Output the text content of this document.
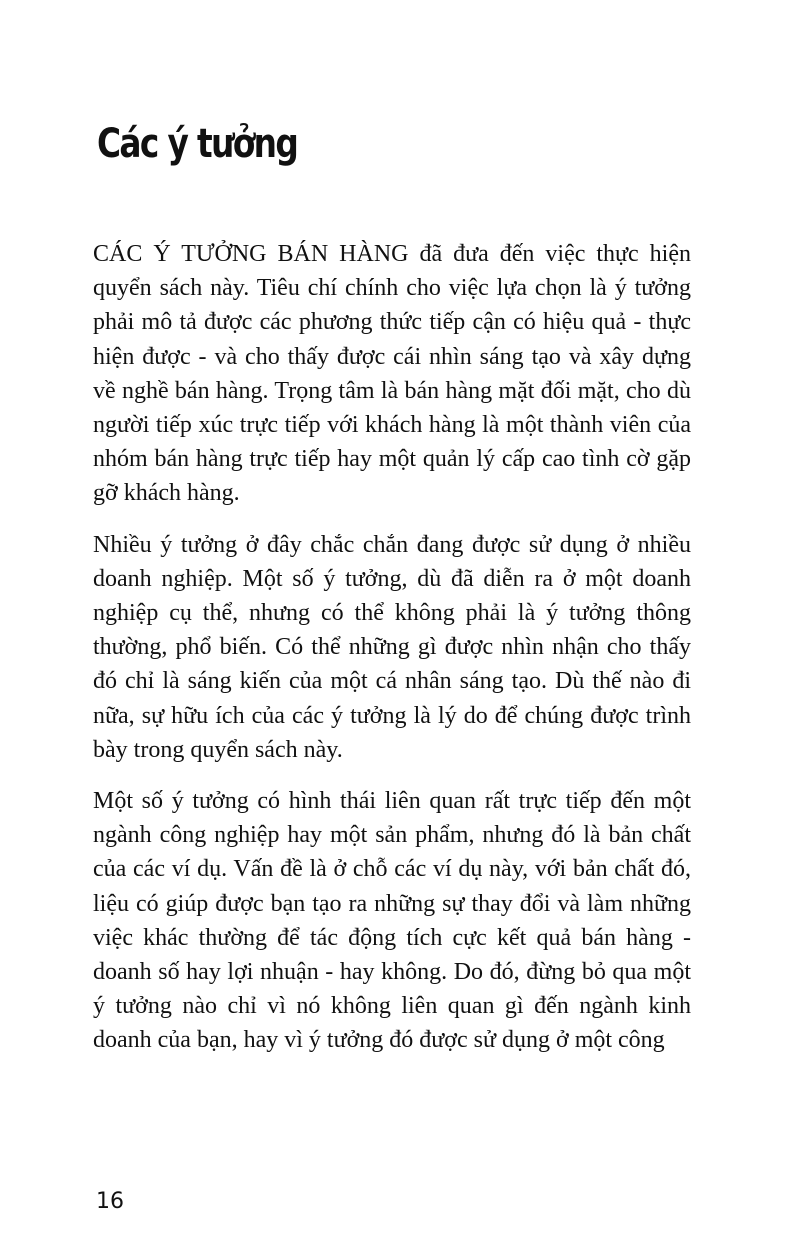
Các ý tưởng

CÁC Ý TƯỞNG BÁN HÀNG đã đưa đến việc thực hiện quyển sách này. Tiêu chí chính cho việc lựa chọn là ý tưởng phải mô tả được các phương thức tiếp cận có hiệu quả - thực hiện được - và cho thấy được cái nhìn sáng tạo và xây dựng về nghề bán hàng. Trọng tâm là bán hàng mặt đối mặt, cho dù người tiếp xúc trực tiếp với khách hàng là một thành viên của nhóm bán hàng trực tiếp hay một quản lý cấp cao tình cờ gặp gỡ khách hàng.

Nhiều ý tưởng ở đây chắc chắn đang được sử dụng ở nhiều doanh nghiệp. Một số ý tưởng, dù đã diễn ra ở một doanh nghiệp cụ thể, nhưng có thể không phải là ý tưởng thông thường, phổ biến. Có thể những gì được nhìn nhận cho thấy đó chỉ là sáng kiến của một cá nhân sáng tạo. Dù thế nào đi nữa, sự hữu ích của các ý tưởng là lý do để chúng được trình bày trong quyển sách này.

Một số ý tưởng có hình thái liên quan rất trực tiếp đến một ngành công nghiệp hay một sản phẩm, nhưng đó là bản chất của các ví dụ. Vấn đề là ở chỗ các ví dụ này, với bản chất đó, liệu có giúp được bạn tạo ra những sự thay đổi và làm những việc khác thường để tác động tích cực kết quả bán hàng - doanh số hay lợi nhuận - hay không. Do đó, đừng bỏ qua một ý tưởng nào chỉ vì nó không liên quan gì đến ngành kinh doanh của bạn, hay vì ý tưởng đó được sử dụng ở một công

16
